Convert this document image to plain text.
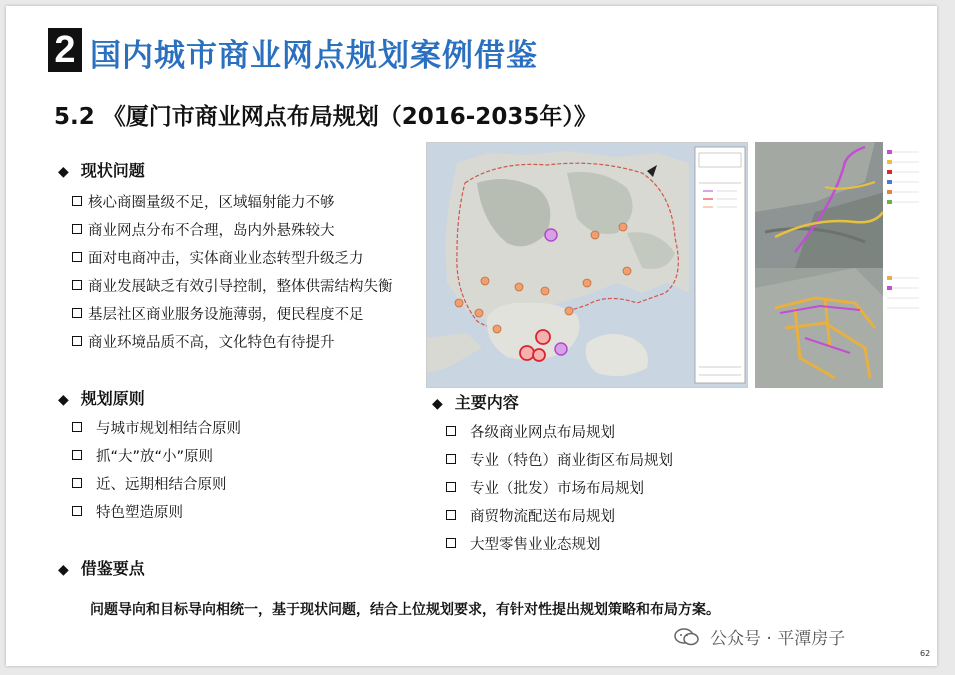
2 国内城市商业网点规划案例借鉴
5.2 《厦门市商业网点布局规划（2016-2035年）》
◆ 现状问题
核心商圈量级不足，区域辐射能力不够
商业网点分布不合理，岛内外悬殊较大
面对电商冲击，实体商业业态转型升级乏力
商业发展缺乏有效引导控制，整体供需结构失衡
基层社区商业服务设施薄弱，便民程度不足
商业环境品质不高，文化特色有待提升
◆ 规划原则
与城市规划相结合原则
抓“大”放“小”原则
近、远期相结合原则
特色塑造原则
◆ 主要内容
各级商业网点布局规划
专业（特色）商业街区布局规划
专业（批发）市场布局规划
商贸物流配送布局规划
大型零售业业态规划
◆ 借鉴要点
问题导向和目标导向相统一，基于现状问题，结合上位规划要求，有针对性提出规划策略和布局方案。
公众号 · 平潭房子
62
